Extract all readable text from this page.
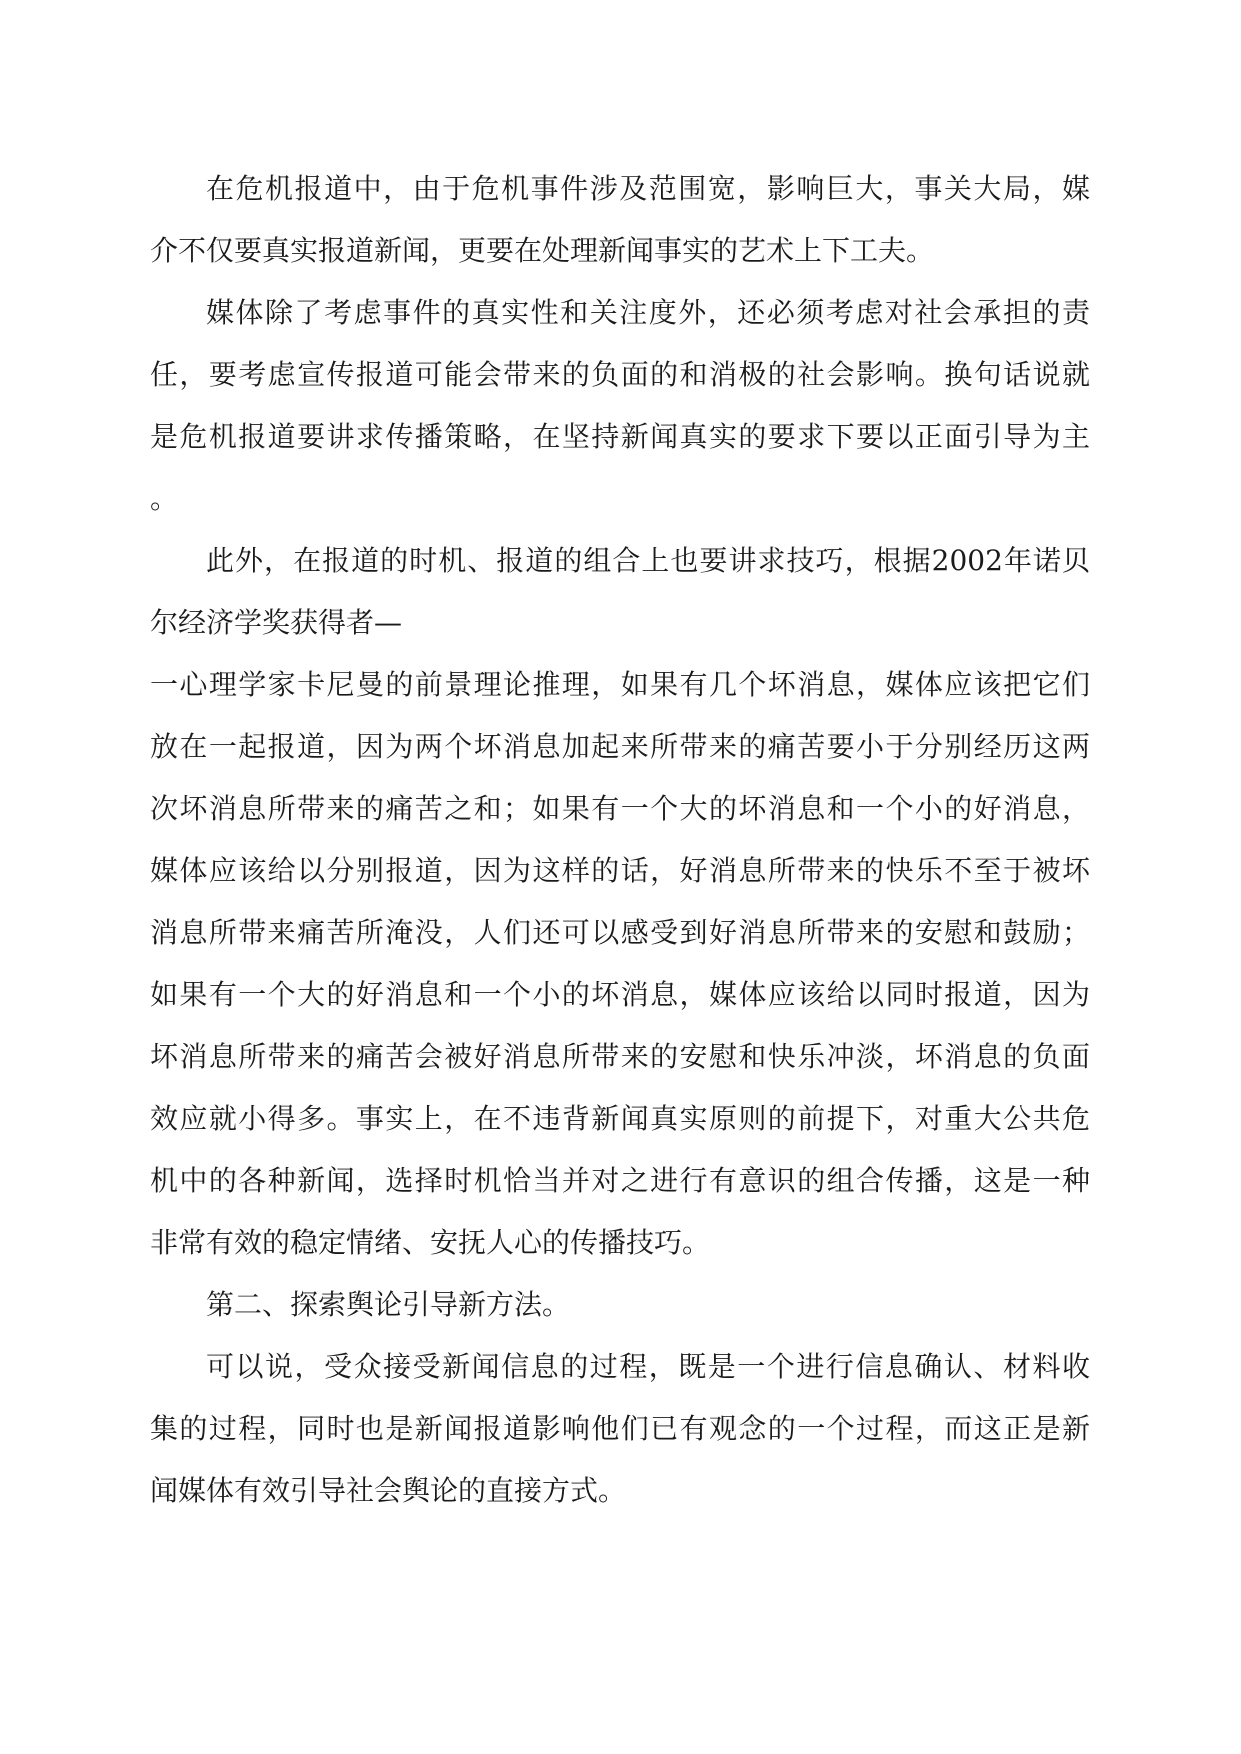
在危机报道中，由于危机事件涉及范围宽，影响巨大，事关大局，媒
介不仅要真实报道新闻，更要在处理新闻事实的艺术上下工夫。
媒体除了考虑事件的真实性和关注度外，还必须考虑对社会承担的责
任，要考虑宣传报道可能会带来的负面的和消极的社会影响。换句话说就
是危机报道要讲求传播策略，在坚持新闻真实的要求下要以正面引导为主
。
此外，在报道的时机、报道的组合上也要讲求技巧，根据2002年诺贝
尔经济学奖获得者—
一心理学家卡尼曼的前景理论推理，如果有几个坏消息，媒体应该把它们
放在一起报道，因为两个坏消息加起来所带来的痛苦要小于分别经历这两
次坏消息所带来的痛苦之和；如果有一个大的坏消息和一个小的好消息，
媒体应该给以分别报道，因为这样的话，好消息所带来的快乐不至于被坏
消息所带来痛苦所淹没，人们还可以感受到好消息所带来的安慰和鼓励；
如果有一个大的好消息和一个小的坏消息，媒体应该给以同时报道，因为
坏消息所带来的痛苦会被好消息所带来的安慰和快乐冲淡，坏消息的负面
效应就小得多。事实上，在不违背新闻真实原则的前提下，对重大公共危
机中的各种新闻，选择时机恰当并对之进行有意识的组合传播，这是一种
非常有效的稳定情绪、安抚人心的传播技巧。
第二、探索舆论引导新方法。
可以说，受众接受新闻信息的过程，既是一个进行信息确认、材料收
集的过程，同时也是新闻报道影响他们已有观念的一个过程，而这正是新
闻媒体有效引导社会舆论的直接方式。
